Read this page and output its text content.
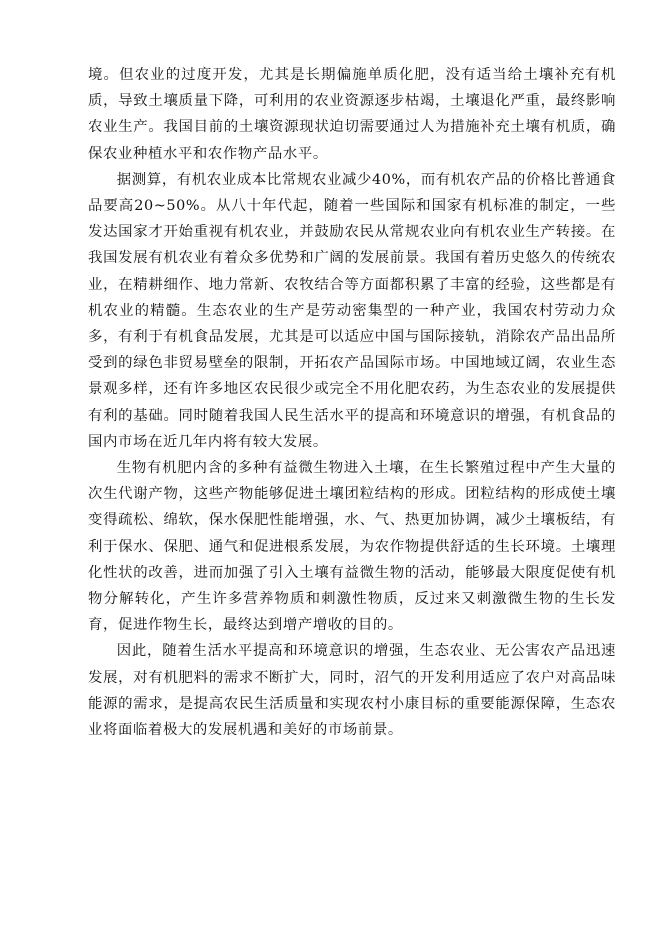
境。但农业的过度开发，尤其是长期偏施单质化肥，没有适当给土壤补充有机质，导致土壤质量下降，可利用的农业资源逐步枯竭，土壤退化严重，最终影响农业生产。我国目前的土壤资源现状迫切需要通过人为措施补充土壤有机质，确保农业种植水平和农作物产品水平。

据测算，有机农业成本比常规农业减少40%，而有机农产品的价格比普通食品要高20~50%。从八十年代起，随着一些国际和国家有机标准的制定，一些发达国家才开始重视有机农业，并鼓励农民从常规农业向有机农业生产转接。在我国发展有机农业有着众多优势和广阔的发展前景。我国有着历史悠久的传统农业，在精耕细作、地力常新、农牧结合等方面都积累了丰富的经验，这些都是有机农业的精髓。生态农业的生产是劳动密集型的一种产业，我国农村劳动力众多，有利于有机食品发展，尤其是可以适应中国与国际接轨，消除农产品出品所受到的绿色非贸易壁垒的限制，开拓农产品国际市场。中国地域辽阔，农业生态景观多样，还有许多地区农民很少或完全不用化肥农药，为生态农业的发展提供有利的基础。同时随着我国人民生活水平的提高和环境意识的增强，有机食品的国内市场在近几年内将有较大发展。

生物有机肥内含的多种有益微生物进入土壤，在生长繁殖过程中产生大量的次生代谢产物，这些产物能够促进土壤团粒结构的形成。团粒结构的形成使土壤变得疏松、绵软，保水保肥性能增强，水、气、热更加协调，减少土壤板结，有利于保水、保肥、通气和促进根系发展，为农作物提供舒适的生长环境。土壤理化性状的改善，进而加强了引入土壤有益微生物的活动，能够最大限度促使有机物分解转化，产生许多营养物质和刺激性物质，反过来又刺激微生物的生长发育，促进作物生长，最终达到增产增收的目的。

因此，随着生活水平提高和环境意识的增强，生态农业、无公害农产品迅速发展，对有机肥料的需求不断扩大，同时，沼气的开发利用适应了农户对高品味能源的需求，是提高农民生活质量和实现农村小康目标的重要能源保障，生态农业将面临着极大的发展机遇和美好的市场前景。
